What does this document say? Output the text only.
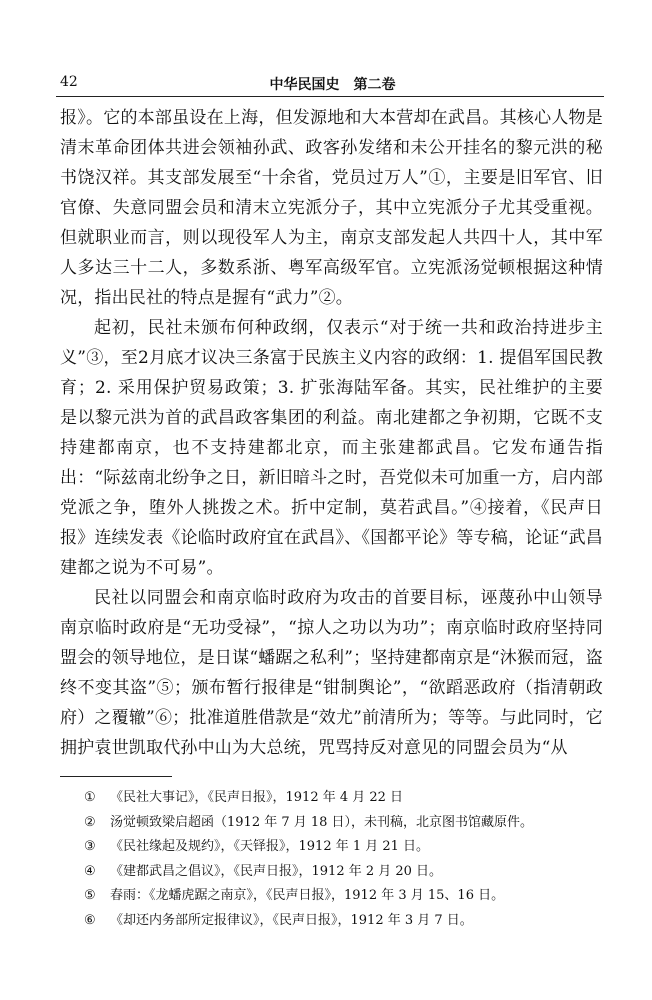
42	中华民国史　第二卷

报》。它的本部虽设在上海，但发源地和大本营却在武昌。其核心人物是清末革命团体共进会领袖孙武、政客孙发绪和未公开挂名的黎元洪的秘书饶汉祥。其支部发展至“十余省，党员过万人”①，主要是旧军官、旧官僚、失意同盟会员和清末立宪派分子，其中立宪派分子尤其受重视。但就职业而言，则以现役军人为主，南京支部发起人共四十人，其中军人多达三十二人，多数系浙、粤军高级军官。立宪派汤觉顿根据这种情况，指出民社的特点是握有“武力”②。

起初，民社未颁布何种政纲，仅表示“对于统一共和政治持进步主义”③，至2月底才议决三条富于民族主义内容的政纲：1. 提倡军国民教育；2. 采用保护贸易政策；3. 扩张海陆军备。其实，民社维护的主要是以黎元洪为首的武昌政客集团的利益。南北建都之争初期，它既不支持建都南京，也不支持建都北京，而主张建都武昌。它发布通告指出：“际兹南北纷争之日，新旧暗斗之时，吾党似未可加重一方，启内部党派之争，堕外人挑拨之术。折中定制，莫若武昌。”④接着，《民声日报》连续发表《论临时政府宜在武昌》、《国都平论》等专稿，论证“武昌建都之说为不可易”。

民社以同盟会和南京临时政府为攻击的首要目标，诬蔑孙中山领导南京临时政府是“无功受禄”，“掠人之功以为功”；南京临时政府坚持同盟会的领导地位，是日谋“蟠踞之私利”；坚持建都南京是“沐猴而冠，盗终不变其盗”⑤；颁布暂行报律是“钳制舆论”，“欲蹈恶政府（指清朝政府）之覆辙”⑥；批准道胜借款是“效尤”前清所为；等等。与此同时，它拥护袁世凯取代孙中山为大总统，咒骂持反对意见的同盟会员为“从

①	《民社大事记》，《民声日报》，1912 年 4 月 22 日
②	汤觉顿致梁启超函（1912 年 7 月 18 日），未刊稿，北京图书馆藏原件。
③	《民社缘起及规约》，《天铎报》，1912 年 1 月 21 日。
④	《建都武昌之倡议》，《民声日报》，1912 年 2 月 20 日。
⑤	春雨：《龙蟠虎踞之南京》，《民声日报》，1912 年 3 月 15、16 日。
⑥	《却还内务部所定报律议》，《民声日报》，1912 年 3 月 7 日。
